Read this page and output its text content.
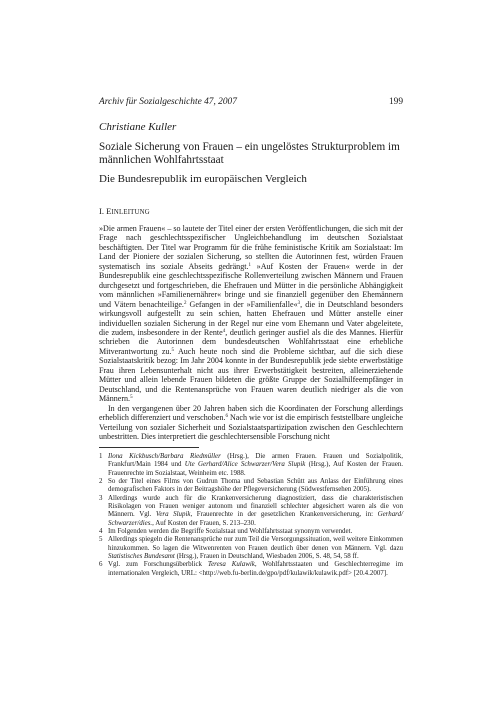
Archiv für Sozialgeschichte 47, 2007	199
Christiane Kuller
Soziale Sicherung von Frauen – ein ungelöstes Strukturproblem im männlichen Wohlfahrtsstaat
Die Bundesrepublik im europäischen Vergleich
I. EINLEITUNG

»Die armen Frauen« – so lautete der Titel einer der ersten Veröffentlichungen, die sich mit der Frage nach geschlechtsspezifischer Ungleichbehandlung im deutschen Sozialstaat beschäftigten. Der Titel war Programm für die frühe feministische Kritik am Sozialstaat: Im Land der Pioniere der sozialen Sicherung, so stellten die Autorinnen fest, würden Frauen systematisch ins soziale Abseits gedrängt.$^1$ »Auf Kosten der Frauen« werde in der Bundesrepublik eine geschlechtsspezifische Rollenverteilung zwischen Männern und Frauen durchgesetzt und fortgeschrieben, die Ehefrauen und Mütter in die persönliche Abhängigkeit vom männlichen »Familienernährer« bringe und sie finanziell gegenüber den Ehemännern und Vätern benachteilige.$^2$ Gefangen in der »Familienfalle«$^3$, die in Deutschland besonders wirkungsvoll aufgestellt zu sein schien, hatten Ehefrauen und Mütter anstelle einer individuellen sozialen Sicherung in der Regel nur eine vom Ehemann und Vater abgeleitete, die zudem, insbesondere in der Rente$^4$, deutlich geringer ausfiel als die des Mannes. Hierfür schrieben die Autorinnen dem bundesdeutschen Wohlfahrtsstaat eine erhebliche Mitverantwortung zu.$^5$ Auch heute noch sind die Probleme sichtbar, auf die sich diese Sozialstaatskritik bezog: Im Jahr 2004 konnte in der Bundesrepublik jede siebte erwerbstätige Frau ihren Lebensunterhalt nicht aus ihrer Erwerbstätigkeit bestreiten, alleinerziehende Mütter und allein lebende Frauen bildeten die größte Gruppe der Sozialhilfeempfänger in Deutschland, und die Rentenansprüche von Frauen waren deutlich niedriger als die von Männern.$^5$

In den vergangenen über 20 Jahren haben sich die Koordinaten der Forschung allerdings erheblich differenziert und verschoben.$^6$ Nach wie vor ist die empirisch feststellbare ungleiche Verteilung von sozialer Sicherheit und Sozialstaatspartizipation zwischen den Geschlechtern unbestritten. Dies interpretiert die geschlechtersensible Forschung nicht

1 Ilona Kickbusch/Barbara Riedmüller (Hrsg.), Die armen Frauen. Frauen und Sozialpolitik, Frankfurt/Main 1984 und Ute Gerhard/Alice Schwarzer/Vera Slupik (Hrsg.), Auf Kosten der Frauen. Frauenrechte im Sozialstaat, Weinheim etc. 1988.
2 So der Titel eines Films von Gudrun Thoma und Sebastian Schütt aus Anlass der Einführung eines demografischen Faktors in der Beitragshöhe der Pflegeversicherung (Südwestfernsehen 2005).
3 Allerdings wurde auch für die Krankenversicherung diagnostiziert, dass die charakteristischen Risikolagen von Frauen weniger autonom und finanziell schlechter abgesichert waren als die von Männern. Vgl. Vera Slupik, Frauenrechte in der gesetzlichen Krankenversicherung, in: Gerhard/ Schwarzer/dies., Auf Kosten der Frauen, S. 213–230.
4 Im Folgenden werden die Begriffe Sozialstaat und Wohlfahrtsstaat synonym verwendet.
5 Allerdings spiegeln die Rentenansprüche nur zum Teil die Versorgungssituation, weil weitere Einkommen hinzukommen. So lagen die Witwenrenten von Frauen deutlich über denen von Männern. Vgl. dazu Statistisches Bundesamt (Hrsg.), Frauen in Deutschland, Wiesbaden 2006, S. 48, 54, 58 ff.
6 Vgl. zum Forschungsüberblick Teresa Kulawik, Wohlfahrtsstaaten und Geschlechterregime im internationalen Vergleich, URL: <http://web.fu-berlin.de/gpo/pdf/kulawik/kulawik.pdf> [20.4.2007].
